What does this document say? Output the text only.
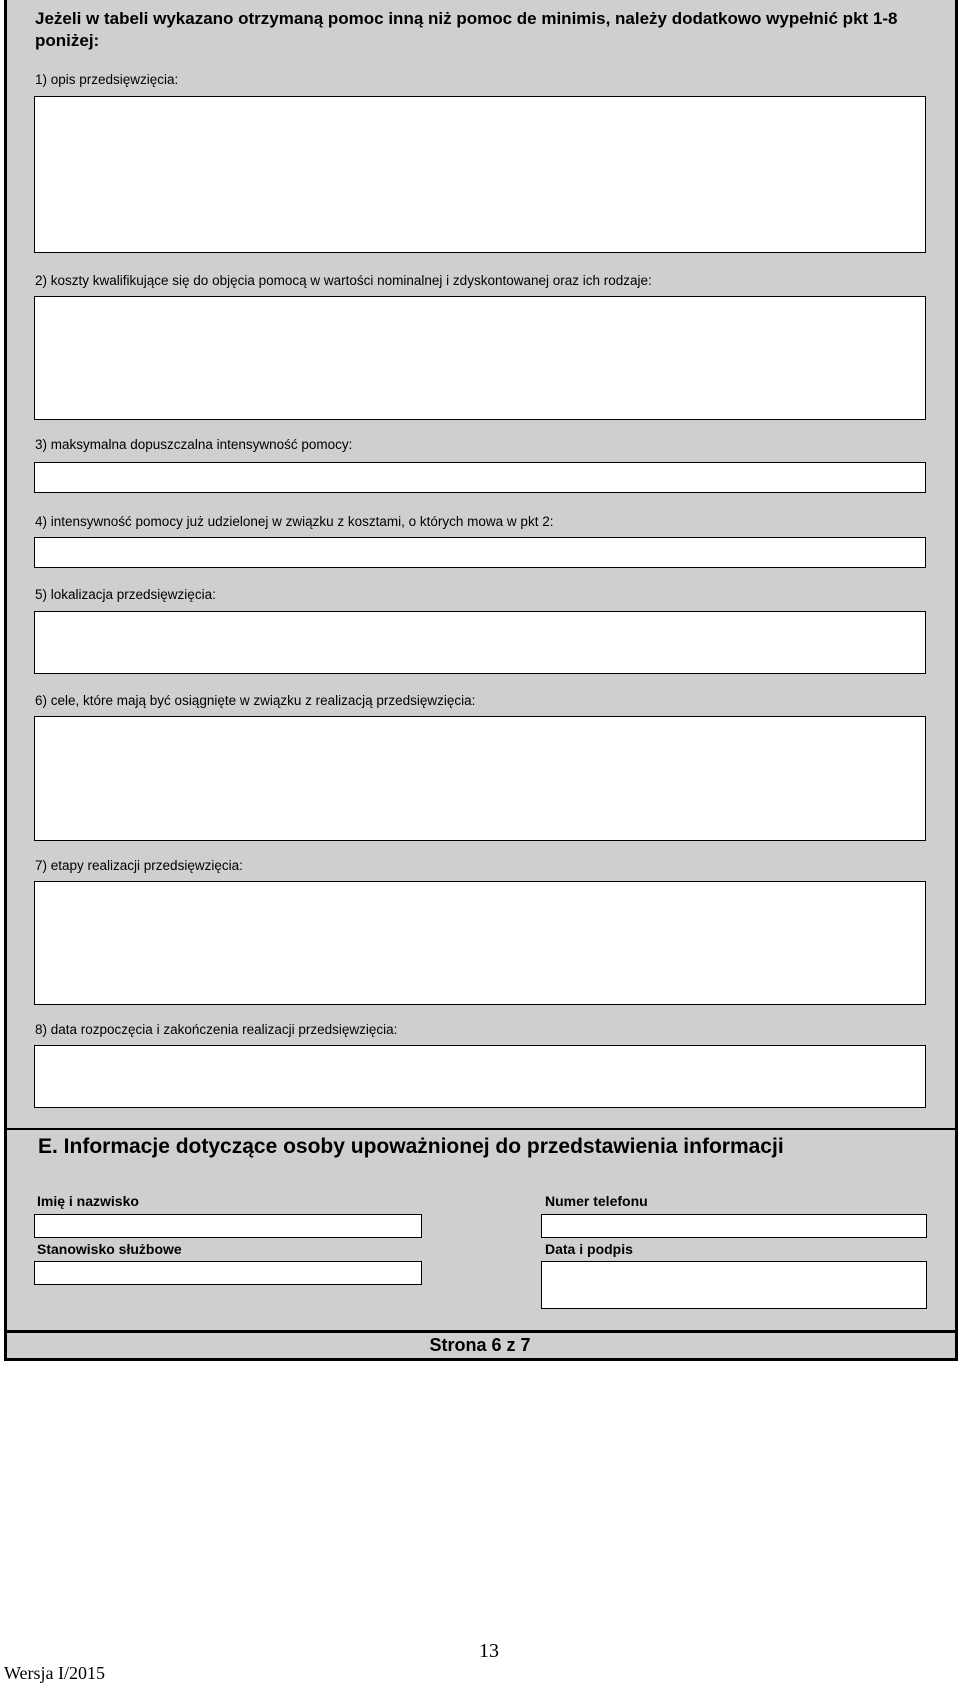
Jeżeli w tabeli wykazano otrzymaną pomoc inną niż pomoc de minimis, należy dodatkowo wypełnić pkt 1-8 poniżej:
1) opis przedsięwzięcia:
2) koszty kwalifikujące się do objęcia pomocą w wartości nominalnej i zdyskontowanej oraz ich rodzaje:
3) maksymalna dopuszczalna intensywność pomocy:
4) intensywność pomocy już udzielonej w związku z kosztami, o których mowa w pkt 2:
5) lokalizacja przedsięwzięcia:
6) cele, które mają być osiągnięte w związku z realizacją przedsięwzięcia:
7) etapy realizacji przedsięwzięcia:
8) data rozpoczęcia i zakończenia realizacji przedsięwzięcia:
E. Informacje dotyczące osoby upoważnionej do przedstawienia informacji
Imię i nazwisko	Numer telefonu
Stanowisko służbowe	Data i podpis
Strona 6 z 7
13
Wersja I/2015
